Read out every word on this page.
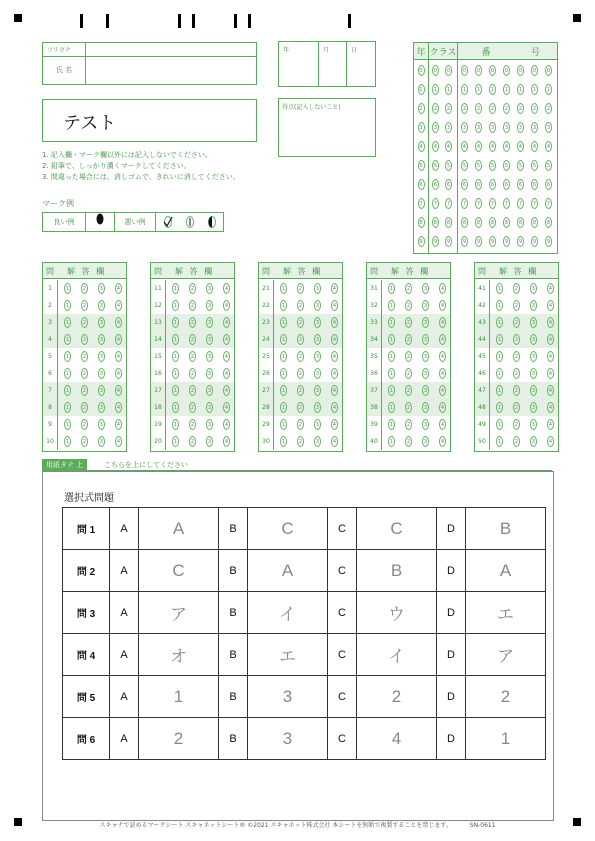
フリガナ
氏 名
年	月	日
テスト
得点(記入しないこと)
1. 記入欄・マーク欄以外には記入しないでください。
2. 鉛筆で、しっかり濃くマークしてください。
3. 間違った場合には、消しゴムで、きれいに消してください。
マーク例
良い例	悪い例
年 クラス	番	号
0	0	0	0	0	0	0	0	0	0
1	1	1	1	1	1	1	1	1	1
2	2	2	2	2	2	2	2	2	2
3	3	3	3	3	3	3	3	3	3
4	4	4	4	4	4	4	4	4	4
5	5	5	5	5	5	5	5	5	5
6	6	6	6	6	6	6	6	6	6
7	7	7	7	7	7	7	7	7	7
8	8	8	8	8	8	8	8	8	8
9	9	9	9	9	9	9	9	9	9
問 解 答 欄
1	1	2	3	4
2	1	2	3	4
3	1	2	3	4
4	1	2	3	4
5	1	2	3	4
6	1	2	3	4
7	1	2	3	4
8	1	2	3	4
9	1	2	3	4
10	1	2	3	4
問 解 答 欄
11	1	2	3	4
12	1	2	3	4
13	1	2	3	4
14	1	2	3	4
15	1	2	3	4
16	1	2	3	4
17	1	2	3	4
18	1	2	3	4
19	1	2	3	4
20	1	2	3	4
問 解 答 欄
21	1	2	3	4
22	1	2	3	4
23	1	2	3	4
24	1	2	3	4
25	1	2	3	4
26	1	2	3	4
27	1	2	3	4
28	1	2	3	4
29	1	2	3	4
30	1	2	3	4
問 解 答 欄
31	1	2	3	4
32	1	2	3	4
33	1	2	3	4
34	1	2	3	4
35	1	2	3	4
36	1	2	3	4
37	1	2	3	4
38	1	2	3	4
39	1	2	3	4
40	1	2	3	4
問 解 答 欄
41	1	2	3	4
42	1	2	3	4
43	1	2	3	4
44	1	2	3	4
45	1	2	3	4
46	1	2	3	4
47	1	2	3	4
48	1	2	3	4
49	1	2	3	4
50	1	2	3	4
用紙タテ 上	こちらを上にしてください
選択式問題
問 1	A	A	B	C	C	C	D	B
問 2	A	C	B	A	C	B	D	A
問 3	A	ア	B	イ	C	ウ	D	エ
問 4	A	オ	B	エ	C	イ	D	ア
問 5	A	1	B	3	C	2	D	2
問 6	A	2	B	3	C	4	D	1
スキャナで読めるマークシート スキャネットシート® ©2021 スキャネット株式会社 本シートを無断で複製することを禁じます。	SN-0611
